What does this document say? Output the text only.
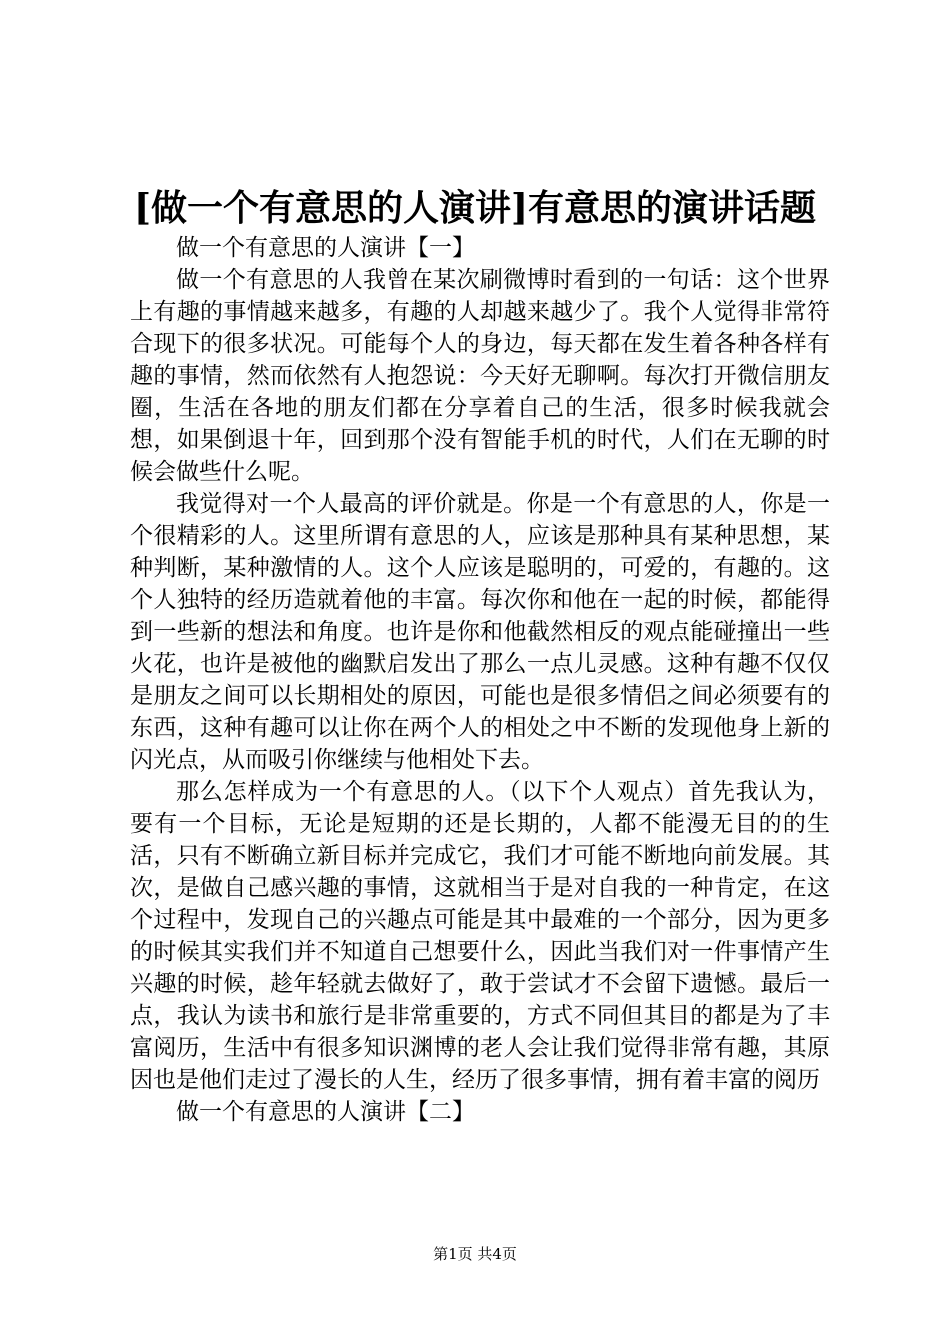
[做一个有意思的人演讲]有意思的演讲话题

做一个有意思的人演讲【一】

做一个有意思的人我曾在某次刷微博时看到的一句话：这个世界上有趣的事情越来越多，有趣的人却越来越少了。我个人觉得非常符合现下的很多状况。可能每个人的身边，每天都在发生着各种各样有趣的事情，然而依然有人抱怨说：今天好无聊啊。每次打开微信朋友圈，生活在各地的朋友们都在分享着自己的生活，很多时候我就会想，如果倒退十年，回到那个没有智能手机的时代，人们在无聊的时候会做些什么呢。

我觉得对一个人最高的评价就是。你是一个有意思的人，你是一个很精彩的人。这里所谓有意思的人，应该是那种具有某种思想，某种判断，某种激情的人。这个人应该是聪明的，可爱的，有趣的。这个人独特的经历造就着他的丰富。每次你和他在一起的时候，都能得到一些新的想法和角度。也许是你和他截然相反的观点能碰撞出一些火花，也许是被他的幽默启发出了那么一点儿灵感。这种有趣不仅仅是朋友之间可以长期相处的原因，可能也是很多情侣之间必须要有的东西，这种有趣可以让你在两个人的相处之中不断的发现他身上新的闪光点，从而吸引你继续与他相处下去。

那么怎样成为一个有意思的人。（以下个人观点）首先我认为，要有一个目标，无论是短期的还是长期的，人都不能漫无目的的生活，只有不断确立新目标并完成它，我们才可能不断地向前发展。其次，是做自己感兴趣的事情，这就相当于是对自我的一种肯定，在这个过程中，发现自己的兴趣点可能是其中最难的一个部分，因为更多的时候其实我们并不知道自己想要什么，因此当我们对一件事情产生兴趣的时候，趁年轻就去做好了，敢于尝试才不会留下遗憾。最后一点，我认为读书和旅行是非常重要的，方式不同但其目的都是为了丰富阅历，生活中有很多知识渊博的老人会让我们觉得非常有趣，其原因也是他们走过了漫长的人生，经历了很多事情，拥有着丰富的阅历

做一个有意思的人演讲【二】

第1页 共4页
